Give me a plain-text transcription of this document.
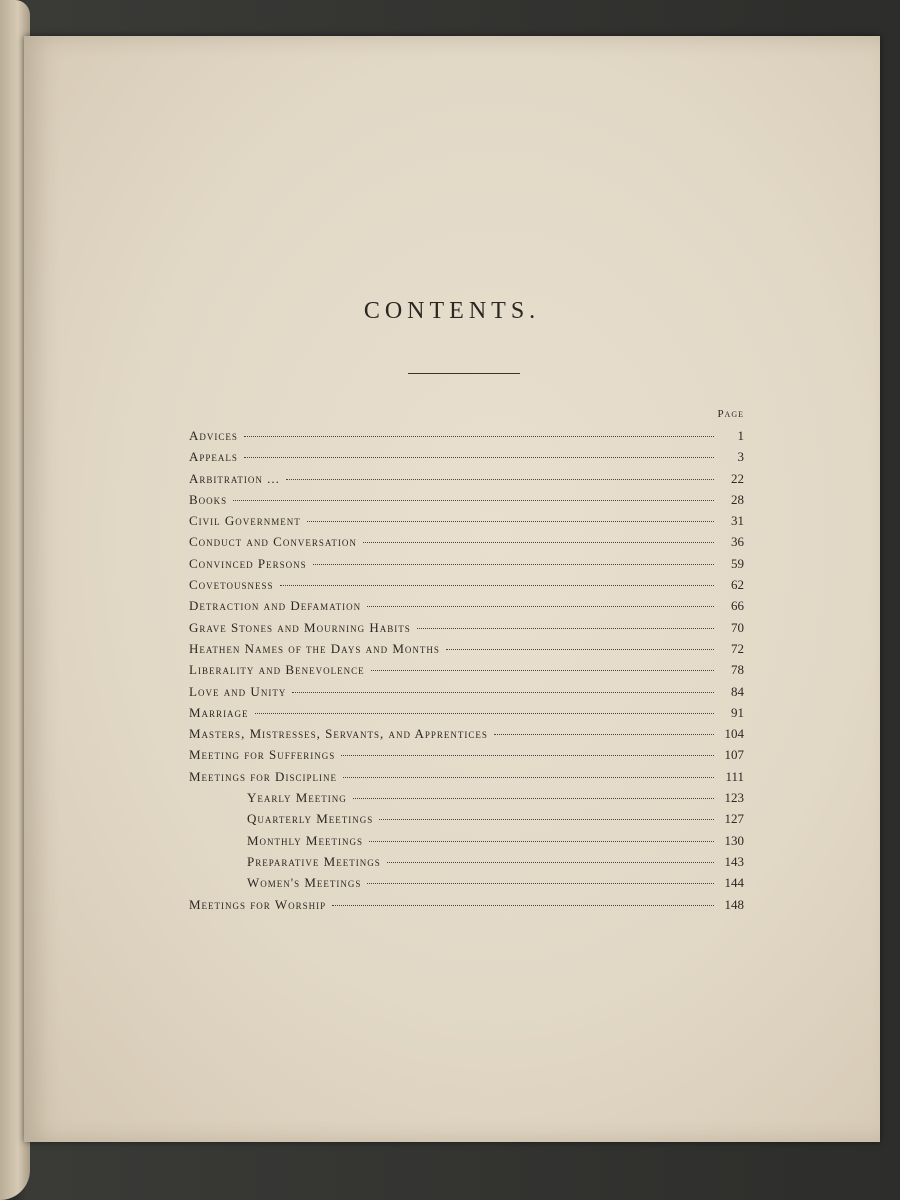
CONTENTS.
Page
Advices	1
Appeals	3
Arbitration ...	22
Books	28
Civil Government	31
Conduct and Conversation	36
Convinced Persons	59
Covetousness	62
Detraction and Defamation	66
Grave Stones and Mourning Habits	70
Heathen Names of the Days and Months	72
Liberality and Benevolence	78
Love and Unity	84
Marriage	91
Masters, Mistresses, Servants, and Apprentices	104
Meeting for Sufferings	107
Meetings for Discipline	111
Yearly Meeting	123
Quarterly Meetings	127
Monthly Meetings	130
Preparative Meetings	143
Women's Meetings	144
Meetings for Worship	148
